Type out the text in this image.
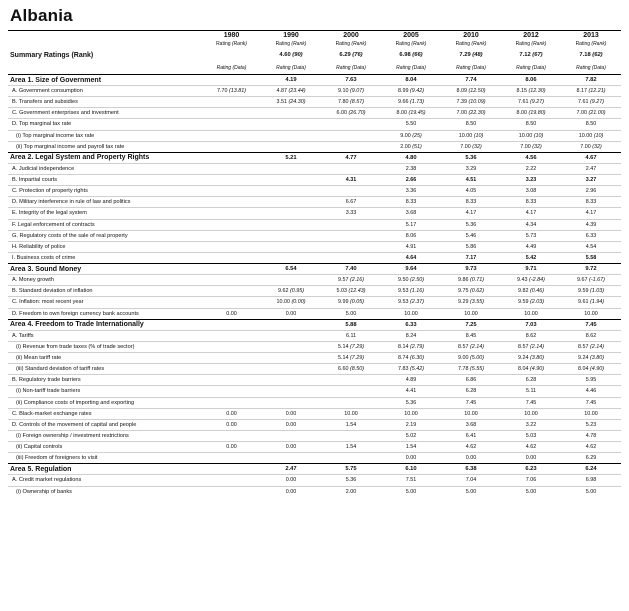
Albania
	1980	1990	2000	2005	2010	2012	2013
	Rating (Rank)	Rating (Rank)	Rating (Rank)	Rating (Rank)	Rating (Rank)	Rating (Rank)	Rating (Rank)
Summary Ratings (Rank)		4.60 (90)	6.29 (76)	6.98 (66)	7.29 (48)	7.12 (67)	7.18 (62)
	Rating (Data)	Rating (Data)	Rating (Data)	Rating (Data)	Rating (Data)	Rating (Data)	Rating (Data)
Area 1. Size of Government		4.19	7.63	8.04	7.74	8.06	7.82
A. Government consumption	7.70 (13.81)	4.87 (23.44)	9.10 (9.07)	8.99 (9.42)	8.09 (12.50)	8.15 (12.30)	8.17 (12.21)
B. Transfers and subsidies		3.51 (24.30)	7.80 (8.57)	9.66 (1.73)	7.39 (10.09)	7.61 (9.27)	7.61 (9.27)
C. Government enterprises and investment			6.00 (26.70)	8.00 (19.45)	7.00 (22.30)	8.00 (19.80)	7.00 (21.00)
D. Top marginal tax rate				5.50	8.50	8.50	8.50
(i) Top marginal income tax rate				9.00 (25)	10.00 (10)	10.00 (10)	10.00 (10)
(ii) Top marginal income and payroll tax rate				2.00 (51)	7.00 (32)	7.00 (32)	7.00 (32)
Area 2. Legal System and Property Rights		5.21	4.77	4.80	5.36	4.56	4.67
A. Judicial independence				2.38	3.29	2.22	2.47
B. Impartial courts			4.31	2.66	4.51	3.23	3.27
C. Protection of property rights				3.36	4.05	3.08	2.96
D. Military interference in rule of law and politics			6.67	8.33	8.33	8.33	8.33
E. Integrity of the legal system			3.33	3.68	4.17	4.17	4.17
F. Legal enforcement of contracts				5.17	5.36	4.34	4.39
G. Regulatory costs of the sale of real property				8.06	5.46	5.73	6.33
H. Reliability of police				4.91	5.86	4.49	4.54
I. Business costs of crime				4.64	7.17	5.42	5.58
Area 3. Sound Money		6.54	7.40	9.64	9.73	9.71	9.72
A. Money growth			9.57 (2.16)	9.50 (2.50)	9.86 (0.71)	9.43 (-2.84)	9.67 (-1.67)
B. Standard deviation of inflation		9.62 (0.95)	5.03 (12.43)	9.53 (1.16)	9.75 (0.62)	9.82 (0.46)	9.59 (1.03)
C. Inflation: most recent year		10.00 (0.00)	9.99 (0.05)	9.53 (2.37)	9.29 (3.55)	9.59 (2.03)	9.61 (1.94)
D. Freedom to own foreign currency bank accounts	0.00	0.00	5.00	10.00	10.00	10.00	10.00
Area 4. Freedom to Trade Internationally			5.88	6.33	7.25	7.03	7.45
A. Tariffs			6.11	8.24	8.45	8.62	8.62
(i) Revenue from trade taxes (% of trade sector)			5.14 (7.29)	8.14 (2.79)	8.57 (2.14)	8.57 (2.14)	8.57 (2.14)
(ii) Mean tariff rate			5.14 (7.29)	8.74 (6.30)	9.00 (5.00)	9.24 (3.80)	9.24 (3.80)
(iii) Standard deviation of tariff rates			6.60 (8.50)	7.83 (5.42)	7.78 (5.55)	8.04 (4.90)	8.04 (4.90)
B. Regulatory trade barriers				4.89	6.86	6.28	5.95
(i) Non-tariff trade barriers				4.41	6.28	5.11	4.46
(ii) Compliance costs of importing and exporting				5.36	7.45	7.45	7.45
C. Black-market exchange rates	0.00	0.00	10.00	10.00	10.00	10.00	10.00
D. Controls of the movement of capital and people	0.00	0.00	1.54	2.19	3.68	3.22	5.23
(i) Foreign ownership / investment restrictions				5.02	6.41	5.03	4.78
(ii) Capital controls	0.00	0.00	1.54	1.54	4.62	4.62	4.62
(iii) Freedom of foreigners to visit				0.00	0.00	0.00	6.29
Area 5. Regulation		2.47	5.75	6.10	6.38	6.23	6.24
A. Credit market regulations		0.00	5.36	7.51	7.04	7.06	6.98
(i) Ownership of banks		0.00	2.00	5.00	5.00	5.00	5.00
